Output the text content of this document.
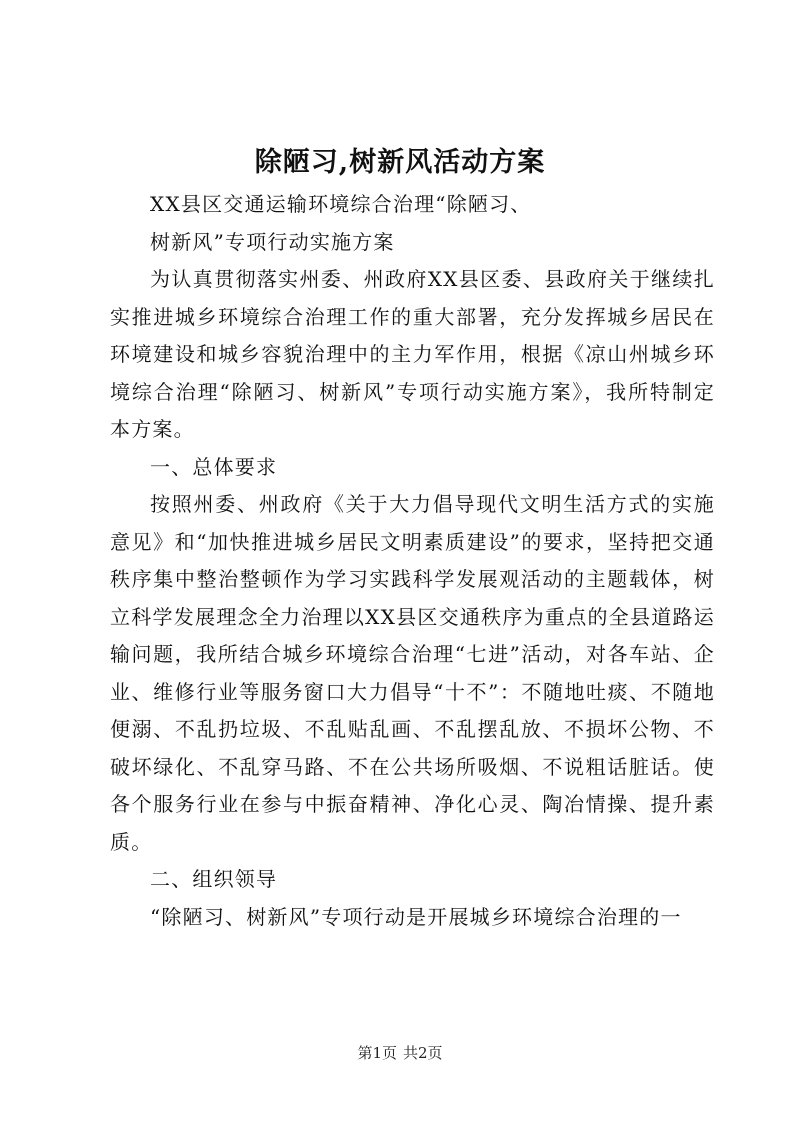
除陋习,树新风活动方案

XX县区交通运输环境综合治理“除陋习、

树新风”专项行动实施方案

为认真贯彻落实州委、州政府XX县区委、县政府关于继续扎实推进城乡环境综合治理工作的重大部署，充分发挥城乡居民在环境建设和城乡容貌治理中的主力军作用，根据《凉山州城乡环境综合治理“除陋习、树新风”专项行动实施方案》，我所特制定本方案。

一、总体要求

按照州委、州政府《关于大力倡导现代文明生活方式的实施意见》和“加快推进城乡居民文明素质建设”的要求，坚持把交通秩序集中整治整顿作为学习实践科学发展观活动的主题载体，树立科学发展理念全力治理以XX县区交通秩序为重点的全县道路运输问题，我所结合城乡环境综合治理“七进”活动，对各车站、企业、维修行业等服务窗口大力倡导“十不”：不随地吐痰、不随地便溺、不乱扔垃圾、不乱贴乱画、不乱摆乱放、不损坏公物、不破坏绿化、不乱穿马路、不在公共场所吸烟、不说粗话脏话。使各个服务行业在参与中振奋精神、净化心灵、陶冶情操、提升素质。

二、组织领导

“除陋习、树新风”专项行动是开展城乡环境综合治理的一

第1页 共2页
